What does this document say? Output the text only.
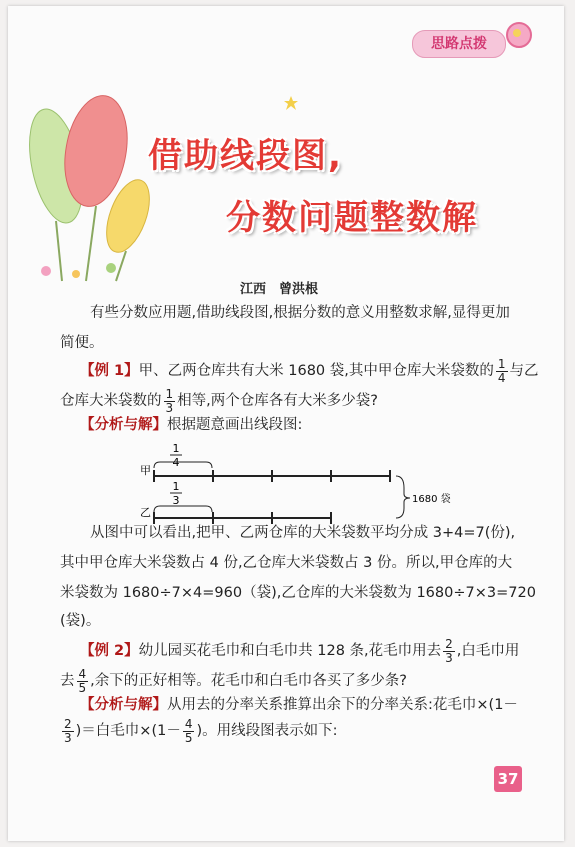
思路点拨
借助线段图,
分数问题整数解
江西　曾洪根
有些分数应用题,借助线段图,根据分数的意义用整数求解,显得更加
简便。
【例 1】甲、乙两仓库共有大米 1680 袋,其中甲仓库大米袋数的 $\frac{1}{4}$ 与乙
仓库大米袋数的 $\frac{1}{3}$ 相等,两个仓库各有大米多少袋?
【分析与解】根据题意画出线段图:
甲
乙
1
4
1
3	1680 袋
从图中可以看出,把甲、乙两仓库的大米袋数平均分成 3+4=7(份),
其中甲仓库大米袋数占 4 份,乙仓库大米袋数占 3 份。所以,甲仓库的大
米袋数为 1680÷7×4=960（袋),乙仓库的大米袋数为 1680÷7×3=720
(袋)。
【例 2】幼儿园买花毛巾和白毛巾共 128 条,花毛巾用去 $\frac{2}{3}$ ,白毛巾用
去 $\frac{4}{5}$ ,余下的正好相等。花毛巾和白毛巾各买了多少条?
【分析与解】从用去的分率关系推算出余下的分率关系:花毛巾×(1－
$\frac{2}{3}$ )＝白毛巾$\times(1- \frac{4}{5}$ )。用线段图表示如下:
37
